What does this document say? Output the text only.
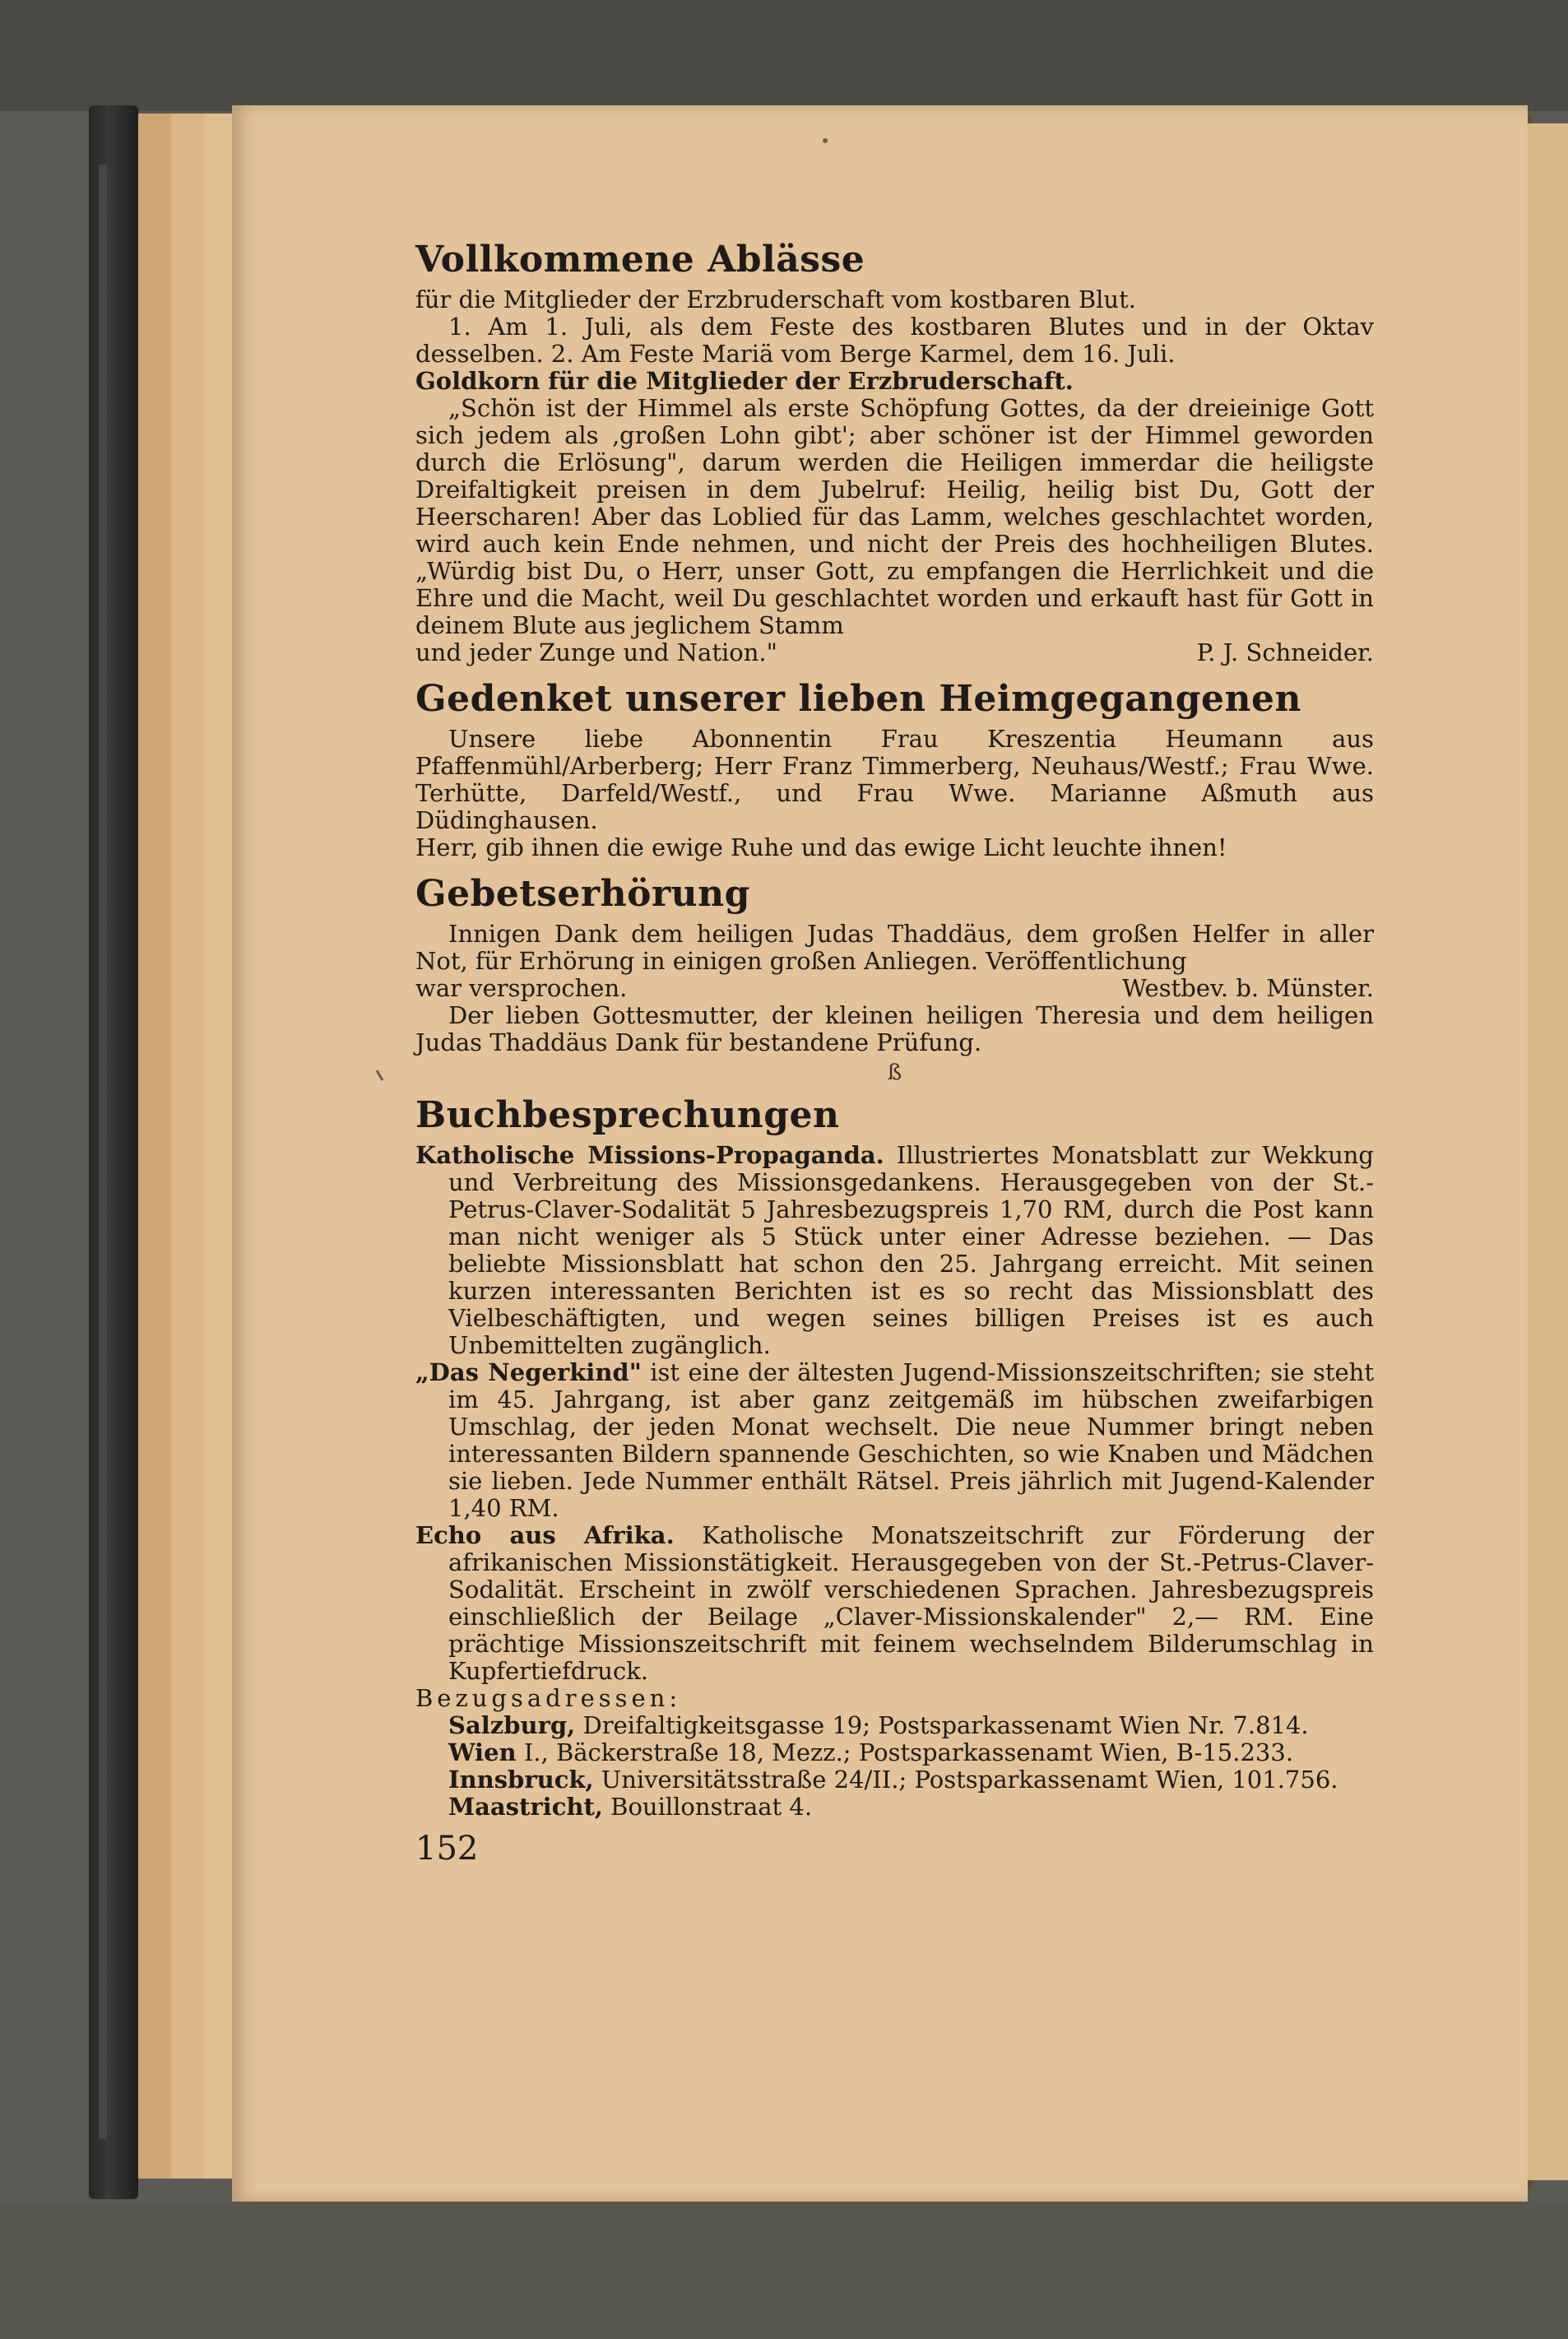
Vollkommene Ablässe

für die Mitglieder der Erzbruderschaft vom kostbaren Blut.

1. Am 1. Juli, als dem Feste des kostbaren Blutes und in der Oktav desselben. 2. Am Feste Mariä vom Berge Karmel, dem 16. Juli.

Goldkorn für die Mitglieder der Erzbruderschaft.

„Schön ist der Himmel als erste Schöpfung Gottes, da der dreieinige Gott sich jedem als ‚großen Lohn gibt'; aber schöner ist der Himmel geworden durch die Erlösung", darum werden die Heiligen immerdar die heiligste Dreifaltigkeit preisen in dem Jubelruf: Heilig, heilig bist Du, Gott der Heerscharen! Aber das Loblied für das Lamm, welches geschlachtet worden, wird auch kein Ende nehmen, und nicht der Preis des hochheiligen Blutes. „Würdig bist Du, o Herr, unser Gott, zu empfangen die Herrlichkeit und die Ehre und die Macht, weil Du geschlachtet worden und erkauft hast für Gott in deinem Blute aus jeglichem Stamm

und jeder Zunge und Nation."	P. J. Schneider.
Gedenket unserer lieben Heimgegangenen

Unsere liebe Abonnentin Frau Kreszentia Heumann aus Pfaffenmühl/Arberberg; Herr Franz Timmerberg, Neuhaus/Westf.; Frau Wwe. Terhütte, Darfeld/Westf., und Frau Wwe. Marianne Aßmuth aus Düdinghausen.

Herr, gib ihnen die ewige Ruhe und das ewige Licht leuchte ihnen!

Gebetserhörung

Innigen Dank dem heiligen Judas Thaddäus, dem großen Helfer in aller Not, für Erhörung in einigen großen Anliegen. Veröffentlichung

war versprochen.	Westbev. b. Münster.

Der lieben Gottesmutter, der kleinen heiligen Theresia und dem heiligen Judas Thaddäus Dank für bestandene Prüfung.

ß
Buchbesprechungen

Katholische Missions-Propaganda. Illustriertes Monatsblatt zur Wekkung und Verbreitung des Missionsgedankens. Herausgegeben von der St.-Petrus-Claver-Sodalität 5 Jahresbezugspreis 1,70 RM, durch die Post kann man nicht weniger als 5 Stück unter einer Adresse beziehen. — Das beliebte Missionsblatt hat schon den 25. Jahrgang erreicht. Mit seinen kurzen interessanten Berichten ist es so recht das Missionsblatt des Vielbeschäftigten, und wegen seines billigen Preises ist es auch Unbemittelten zugänglich.

„Das Negerkind" ist eine der ältesten Jugend-Missionszeitschriften; sie steht im 45. Jahrgang, ist aber ganz zeitgemäß im hübschen zweifarbigen Umschlag, der jeden Monat wechselt. Die neue Nummer bringt neben interessanten Bildern spannende Geschichten, so wie Knaben und Mädchen sie lieben. Jede Nummer enthält Rätsel. Preis jährlich mit Jugend-Kalender 1,40 RM.

Echo aus Afrika. Katholische Monatszeitschrift zur Förderung der afrikanischen Missionstätigkeit. Herausgegeben von der St.-Petrus-Claver-Sodalität. Erscheint in zwölf verschiedenen Sprachen. Jahresbezugspreis einschließlich der Beilage „Claver-Missionskalender" 2,— RM. Eine prächtige Missionszeitschrift mit feinem wechselndem Bilderumschlag in Kupfertiefdruck.

Bezugsadressen:
Salzburg, Dreifaltigkeitsgasse 19; Postsparkassenamt Wien Nr. 7.814.
Wien I., Bäckerstraße 18, Mezz.; Postsparkassenamt Wien, B-15.233.
Innsbruck, Universitätsstraße 24/II.; Postsparkassenamt Wien, 101.756.
Maastricht, Bouillonstraat 4.
152
